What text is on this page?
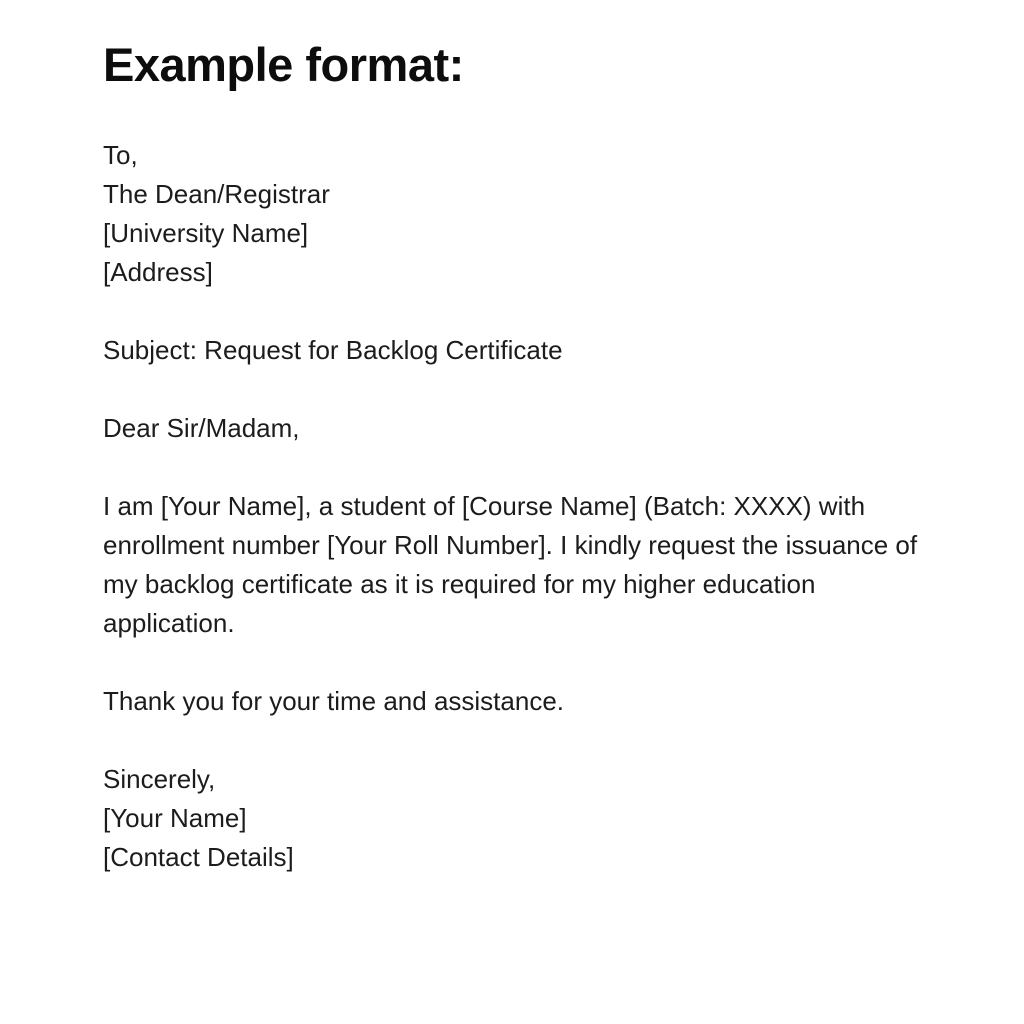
Example format:

To,

The Dean/Registrar

[University Name]

[Address]

Subject: Request for Backlog Certificate

Dear Sir/Madam,

I am [Your Name], a student of [Course Name] (Batch: XXXX) with enrollment number [Your Roll Number]. I kindly request the issuance of my backlog certificate as it is required for my higher education application.

Thank you for your time and assistance.

Sincerely,

[Your Name]

[Contact Details]
